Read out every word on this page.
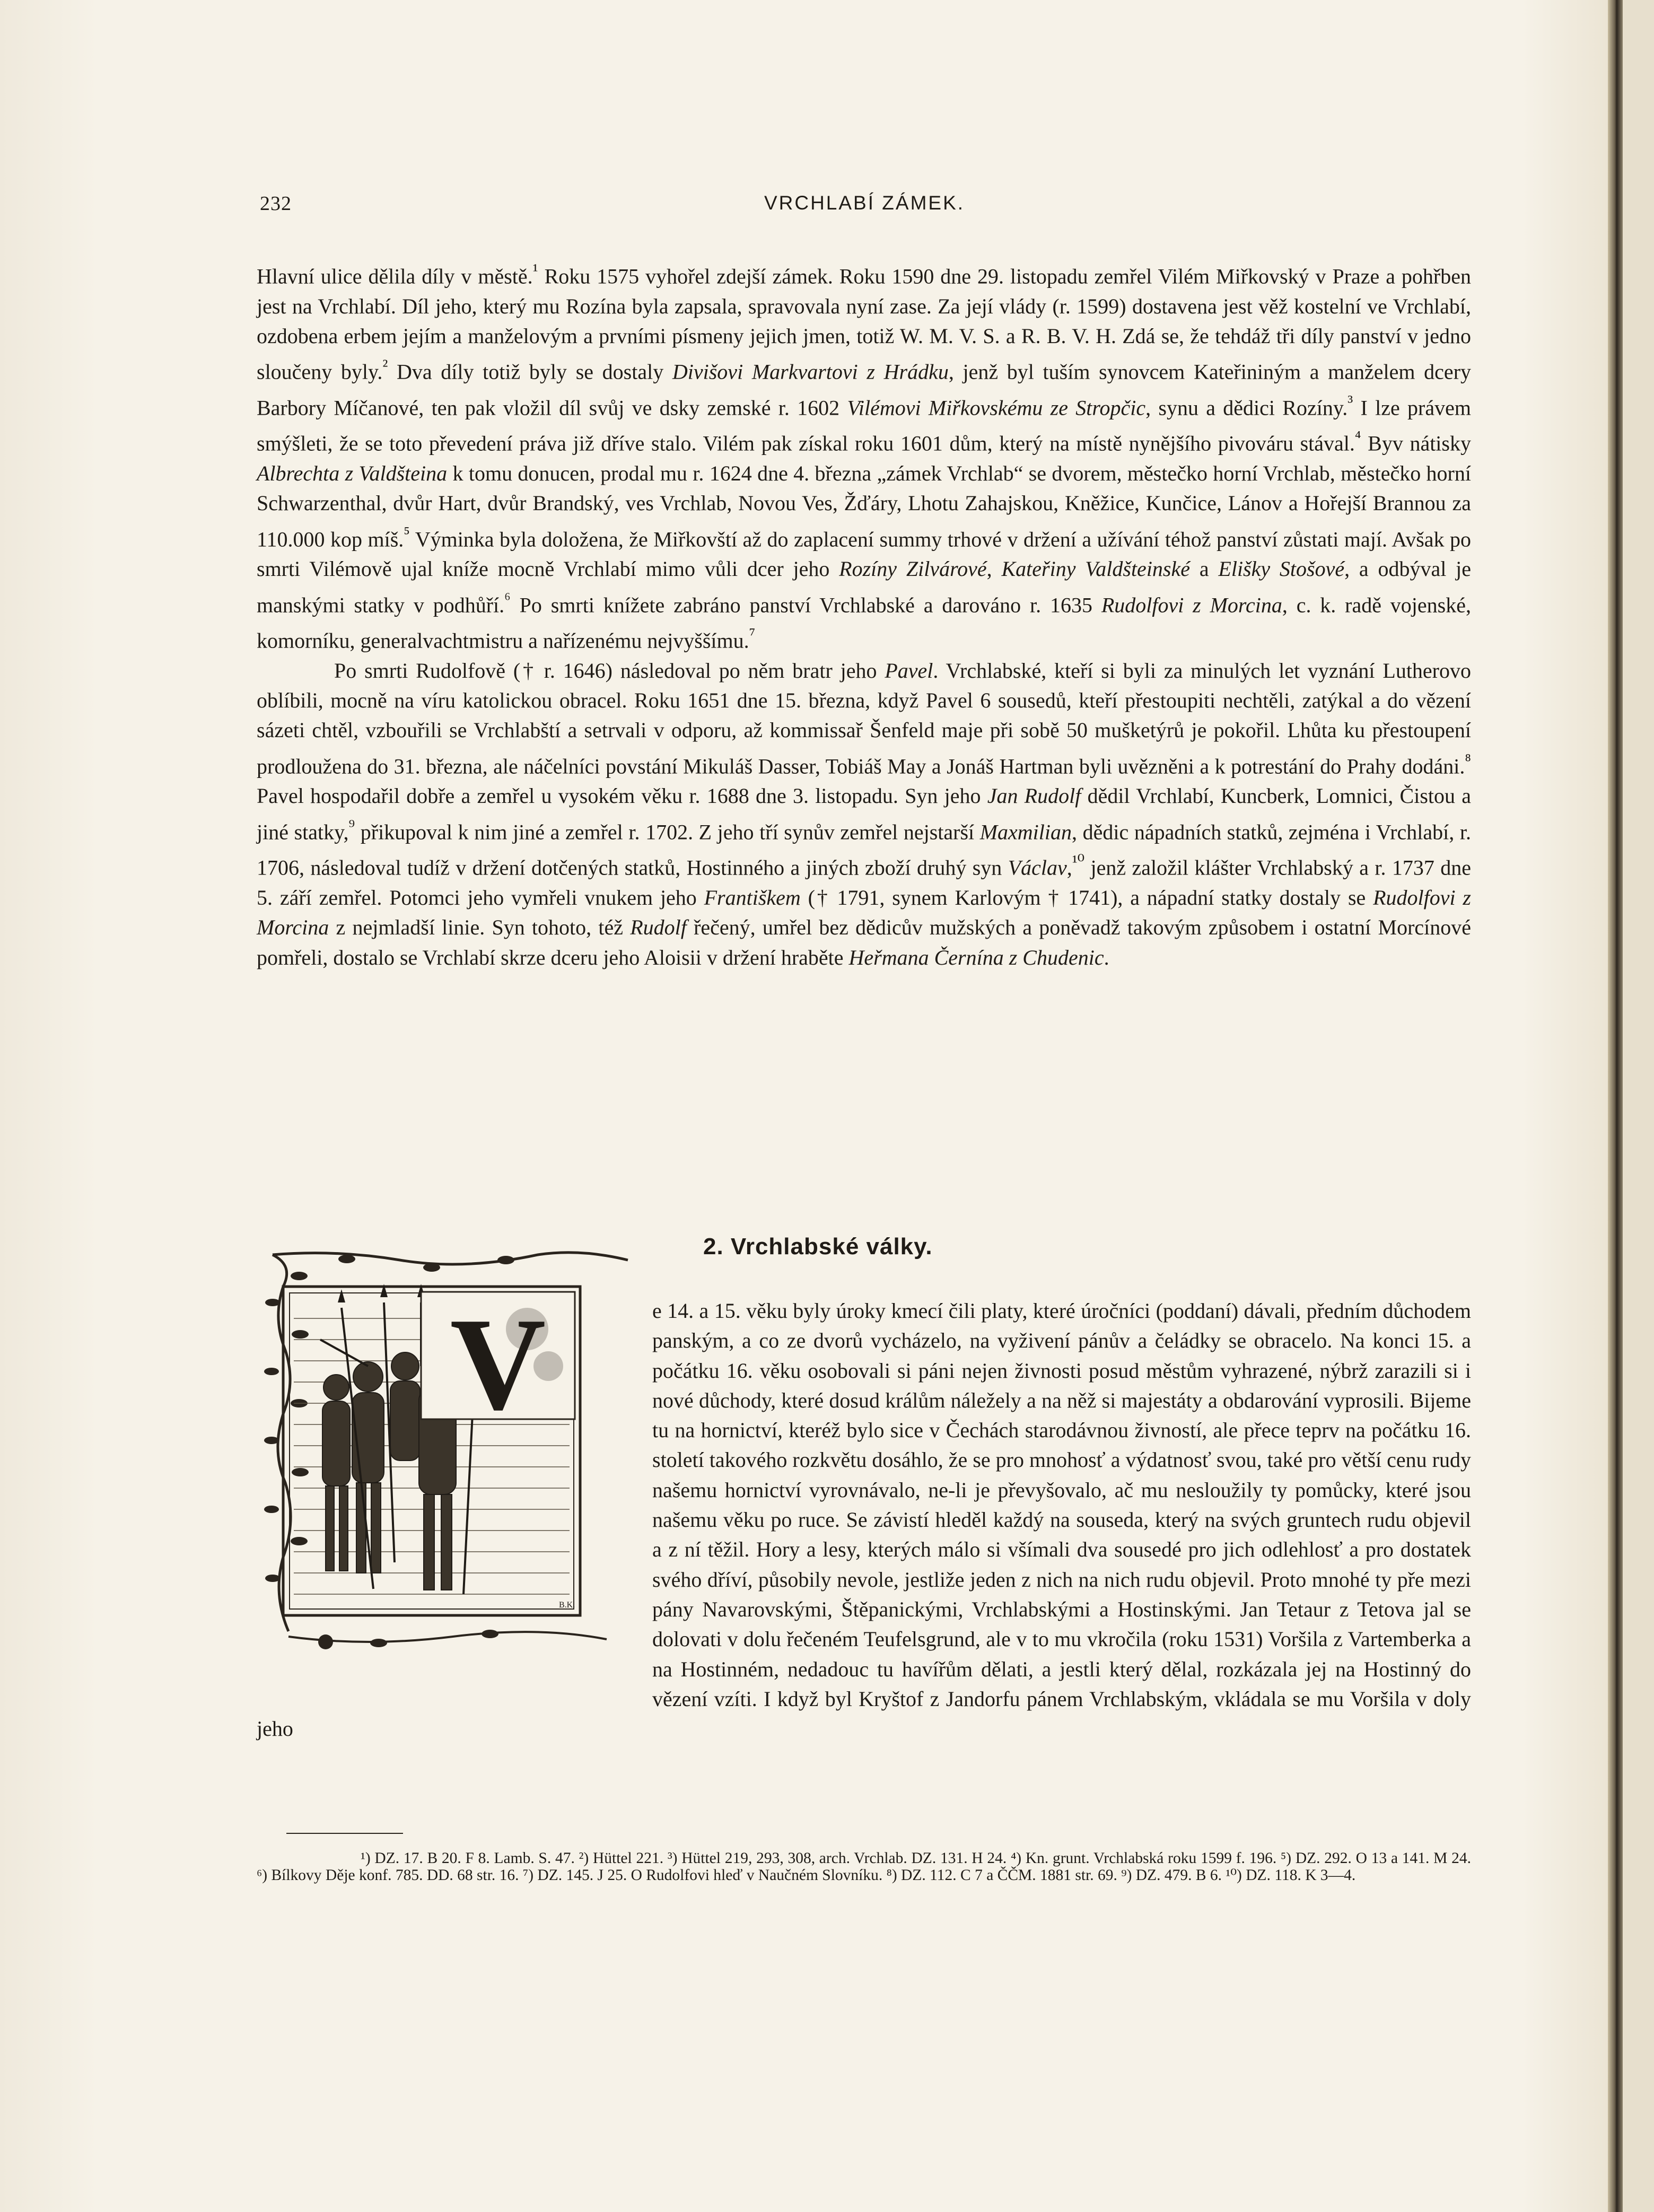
232	VRCHLABÍ ZÁMEK.

Hlavní ulice dělila díly v městě.$^{^1}$ Roku 1575 vyhořel zdejší zámek. Roku 1590 dne 29. listopadu zemřel Vilém Miřkovský v Praze a pohřben jest na Vrchlabí. Díl jeho, který mu Rozína byla zapsala, spravovala nyní zase. Za její vlády (r. 1599) dostavena jest věž kostelní ve Vrchlabí, ozdobena erbem jejím a manželovým a prvními písmeny jejich jmen, totiž W. M. V. S. a R. B. V. H. Zdá se, že tehdáž tři díly panství v jedno sloučeny byly.$^{^2}$ Dva díly totiž byly se dostaly Divišovi Markvartovi z Hrádku, jenž byl tuším synovcem Kateřininým a manželem dcery Barbory Míčanové, ten pak vložil díl svůj ve dsky zemské r. 1602 Vilémovi Miřkovskému ze Stropčic, synu a dědici Rozíny.$^{^3}$ I lze právem smýšleti, že se toto převedení práva již dříve stalo. Vilém pak získal roku 1601 dům, který na místě nynějšího pivováru stával.$^{^4}$ Byv nátisky Albrechta z Valdšteina k tomu donucen, prodal mu r. 1624 dne 4. března „zámek Vrchlab“ se dvorem, městečko horní Vrchlab, městečko horní Schwarzenthal, dvůr Hart, dvůr Brandský, ves Vrchlab, Novou Ves, Žďáry, Lhotu Zahajskou, Kněžice, Kunčice, Lánov a Hořejší Brannou za 110.000 kop míš.$^{^5}$ Výminka byla doložena, že Miřkovští až do zaplacení summy trhové v držení a užívání téhož panství zůstati mají. Avšak po smrti Vilémově ujal kníže mocně Vrchlabí mimo vůli dcer jeho Rozíny Zilvárové, Kateřiny Valdšteinské a Elišky Stošové, a odbýval je manskými statky v podhůří.$^{^6}$ Po smrti knížete zabráno panství Vrchlabské a darováno r. 1635 Rudolfovi z Morcina, c. k. radě vojenské, komorníku, generalvachtmistru a nařízenému nejvyššímu.$^{^7}$

Po smrti Rudolfově († r. 1646) následoval po něm bratr jeho Pavel. Vrchlabské, kteří si byli za minulých let vyznání Lutherovo oblíbili, mocně na víru katolickou obracel. Roku 1651 dne 15. března, když Pavel 6 sousedů, kteří přestoupiti nechtěli, zatýkal a do vězení sázeti chtěl, vzbouřili se Vrchlabští a setrvali v odporu, až kommissař Šenfeld maje při sobě 50 mušketýrů je pokořil. Lhůta ku přestoupení prodloužena do 31. března, ale náčelníci povstání Mikuláš Dasser, Tobiáš May a Jonáš Hartman byli uvězněni a k potrestání do Prahy dodáni.$^{^8}$ Pavel hospodařil dobře a zemřel u vysokém věku r. 1688 dne 3. listopadu. Syn jeho Jan Rudolf dědil Vrchlabí, Kuncberk, Lomnici, Čistou a jiné statky,$^{^9}$ přikupoval k nim jiné a zemřel r. 1702. Z jeho tří synův zemřel nejstarší Maxmilian, dědic nápadních statků, zejména i Vrchlabí, r. 1706, následoval tudíž v držení dotčených statků, Hostinného a jiných zboží druhý syn Václav,$^{^{10}}$ jenž založil klášter Vrchlabský a r. 1737 dne 5. září zemřel. Potomci jeho vymřeli vnukem jeho Františkem († 1791, synem Karlovým † 1741), a nápadní statky dostaly se Rudolfovi z Morcina z nejmladší linie. Syn tohoto, též Rudolf řečený, umřel bez dědicův mužských a poněvadž takovým způsobem i ostatní Morcínové pomřeli, dostalo se Vrchlabí skrze dceru jeho Aloisii v držení hraběte Heřmana Černína z Chudenic.

2. Vrchlabské války.
V
B.K.
e 14. a 15. věku byly úroky kmecí čili platy, které úročníci (poddaní) dávali, předním důchodem panským, a co ze dvorů vycházelo, na vyživení pánův a čeládky se obracelo. Na konci 15. a počátku 16. věku osobovali si páni nejen živnosti posud městům vyhrazené, nýbrž zarazili si i nové důchody, které dosud králům náležely a na něž si majestáty a obdarování vyprosili. Bijeme tu na hornictví, kteréž bylo sice v Čechách starodávnou živností, ale přece teprv na počátku 16. století takového rozkvětu dosáhlo, že se pro mnohosť a výdatnosť svou, také pro větší cenu rudy našemu hornictví vyrovnávalo, ne-li je převyšovalo, ač mu nesloužily ty pomůcky, které jsou našemu věku po ruce. Se závistí hleděl každý na souseda, který na svých gruntech rudu objevil a z ní těžil. Hory a lesy, kterých málo si všímali dva sousedé pro jich odlehlosť a pro dostatek svého dříví, působily nevole, jestliže jeden z nich na nich rudu objevil. Proto mnohé ty pře mezi pány Navarovskými, Štěpanickými, Vrchlabskými a Hostinskými. Jan Tetaur z Tetova jal se dolovati v dolu řečeném Teufelsgrund, ale v to mu vkročila (roku 1531) Voršila z Vartemberka a na Hostinném, nedadouc tu havířům dělati, a jestli který dělal, rozkázala jej na Hostinný do vězení vzíti. I když byl Kryštof z Jandorfu pánem Vrchlabským, vkládala se mu Voršila v doly jeho

¹) DZ. 17. B 20. F 8. Lamb. S. 47. ²) Hüttel 221. ³) Hüttel 219, 293, 308, arch. Vrchlab. DZ. 131. H 24. ⁴) Kn. grunt. Vrchlabská roku 1599 f. 196. ⁵) DZ. 292. O 13 a 141. M 24. ⁶) Bílkovy Děje konf. 785. DD. 68 str. 16. ⁷) DZ. 145. J 25. O Rudolfovi hleď v Naučném Slovníku. ⁸) DZ. 112. C 7 a ČČM. 1881 str. 69. ⁹) DZ. 479. B 6. ¹⁰) DZ. 118. K 3—4.
